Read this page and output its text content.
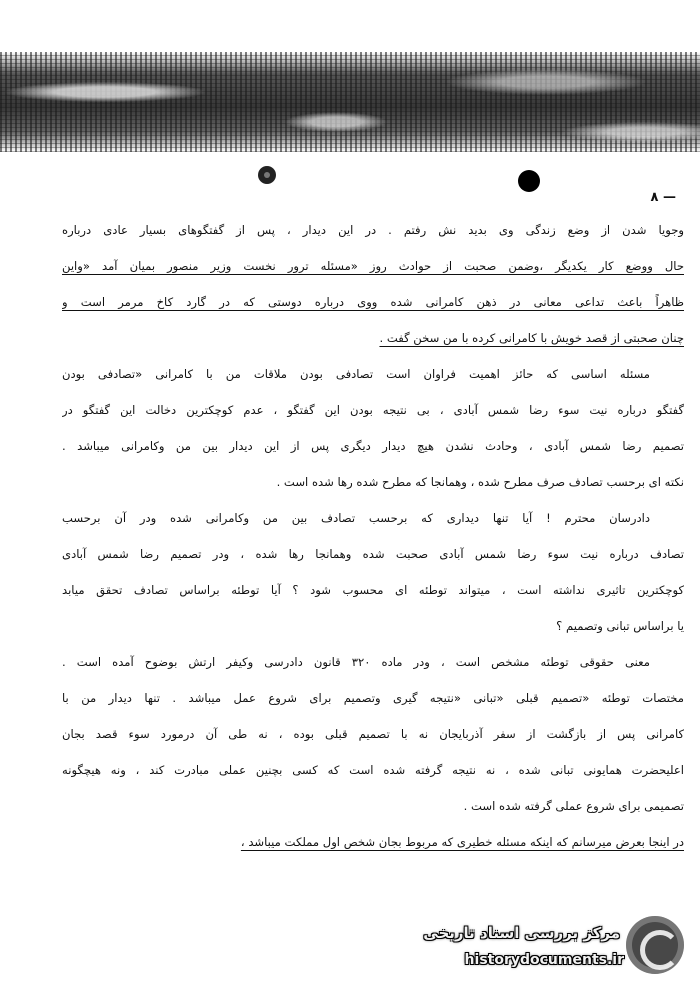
۸ —
وجویا شدن از وضع زندگی وی بدید نش رفتم . در این دیدار ، پس از گفتگوهای بسیار عادی درباره
حال ووضع کار یکدیگر ،وضمن صحبت از حوادث روز «مسئله ترور نخست وزیر منصور بمیان آمد «واین
ظاهراً باعث تداعی معانی در ذهن کامرانی شده ووی درباره دوستی که در گارد کاخ مرمر است و
چنان صحبتی از قصد خویش با کامرانی کرده با من سخن گفت .
مسئله اساسی که حائز اهمیت فراوان است تصادفی بودن ملاقات من با کامرانی «تصادفی بودن
گفتگو درباره نیت سوء رضا شمس آبادی ، بی نتیجه بودن این گفتگو ، عدم کوچکترین دخالت این گفتگو در
تصمیم رضا شمس آبادی ، وحادث نشدن هیچ دیدار دیگری پس از این دیدار بین من وکامرانی میباشد .
نکته ای برحسب تصادف صرف مطرح شده ، وهمانجا که مطرح شده رها شده است .
دادرسان محترم ! آیا تنها دیداری که برحسب تصادف بین من وکامرانی شده ودر آن برحسب
تصادف درباره نیت سوء رضا شمس آبادی صحبت شده وهمانجا رها شده ، ودر تصمیم رضا شمس آبادی
کوچکترین تاثیری نداشته است ، میتواند توطئه ای محسوب شود ؟ آیا توطئه براساس تصادف تحقق میابد
یا براساس تبانی وتصمیم ؟
معنی حقوقی توطئه مشخص است ، ودر ماده ۳۲۰ قانون دادرسی وکیفر ارتش بوضوح آمده است .
مختصات توطئه «تصمیم قبلی «تبانی «نتیجه گیری وتصمیم برای شروع عمل میباشد . تنها دیدار من با
کامرانی پس از بازگشت از سفر آذربایجان نه با تصمیم قبلی بوده ، نه طی آن درمورد سوء قصد بجان
اعلیحضرت همایونی تبانی شده ، نه نتیجه گرفته شده است که کسی بچنین عملی مبادرت کند ، ونه هیچگونه
تصمیمی برای شروع عملی گرفته شده است .
در اینجا بعرض میرسانم که اینکه مسئله خطیری که مربوط بجان شخص اول مملکت میباشد ،
مرکز بررسی اسناد تاریخی
historydocuments.ir
